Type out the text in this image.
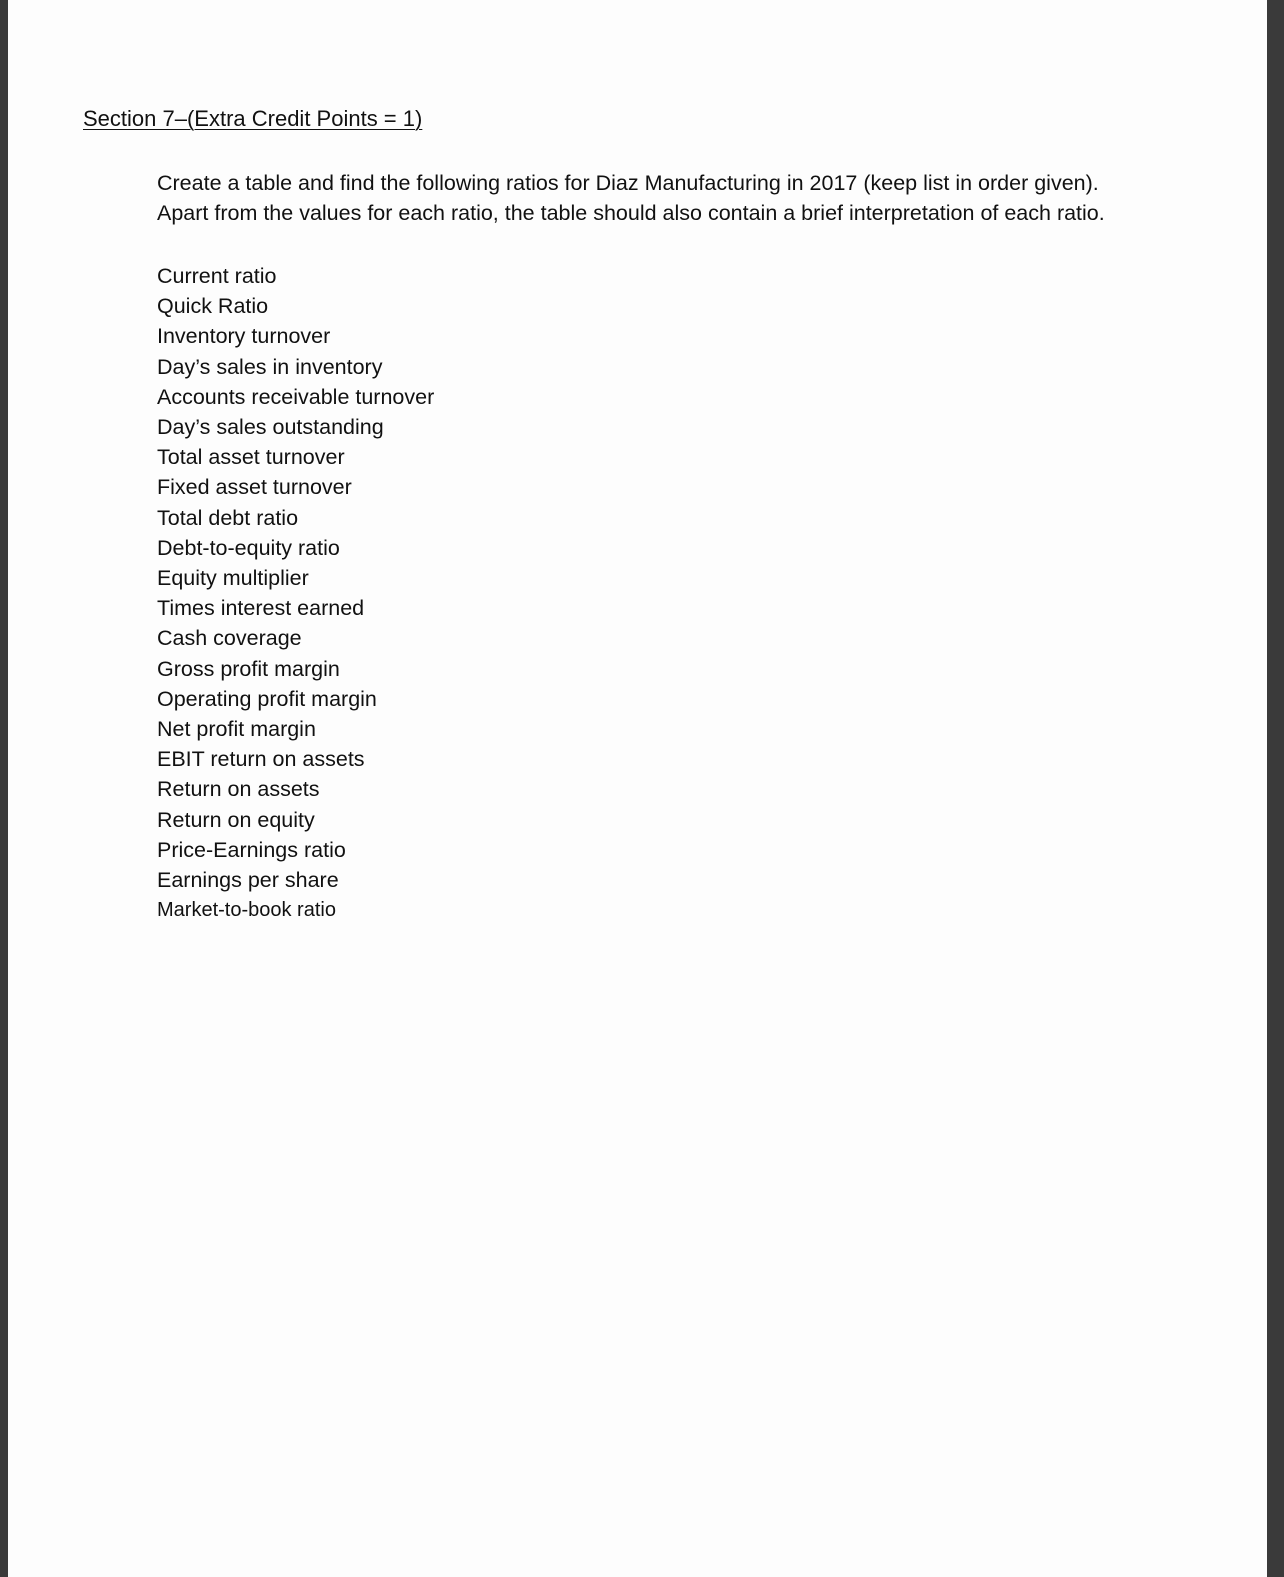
Section 7–(Extra Credit Points = 1)

Create a table and find the following ratios for Diaz Manufacturing in 2017 (keep list in order given).

Apart from the values for each ratio, the table should also contain a brief interpretation of each ratio.

Current ratio
Quick Ratio
Inventory turnover
Day’s sales in inventory
Accounts receivable turnover
Day’s sales outstanding
Total asset turnover
Fixed asset turnover
Total debt ratio
Debt-to-equity ratio
Equity multiplier
Times interest earned
Cash coverage
Gross profit margin
Operating profit margin
Net profit margin
EBIT return on assets
Return on assets
Return on equity
Price-Earnings ratio
Earnings per share
Market-to-book ratio
